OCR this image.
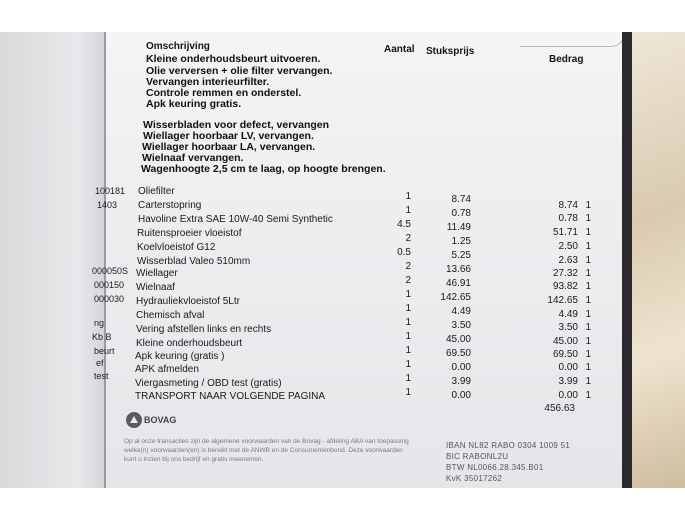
Omschrijving	Aantal Stuksprijs
Bedrag
Kleine onderhoudsbeurt uitvoeren.
Olie verversen + olie filter vervangen.
Vervangen interieurfilter.
Controle remmen en onderstel.
Apk keuring gratis.
Wisserbladen voor defect, vervangen
Wiellager hoorbaar LV, vervangen.
Wiellager hoorbaar LA, vervangen.
Wielnaaf vervangen.
Wagenhoogte 2,5 cm te laag, op hoogte brengen.
100181
1403
000050S
000150
000030
ng
Kb B
beurt
ef
test
Oliefilter
Carterstopring
Havoline Extra SAE 10W-40 Semi Synthetic
Ruitensproeier vloeistof
Koelvloeistof G12
Wisserblad Valeo 510mm
Wiellager
Wielnaaf
Hydrauliekvloeistof 5Ltr
Chemisch afval
Vering afstellen links en rechts
Kleine onderhoudsbeurt
Apk keuring (gratis )
APK afmelden
Viergasmeting / OBD test (gratis)
TRANSPORT NAAR VOLGENDE PAGINA
1
1
4.5
2
0.5
2
2
1
1
1
1
1
1
1
1
8.74
0.78
11.49
1.25
5.25
13.66
46.91
142.65
4.49
3.50
45.00
69.50
0.00
3.99
0.00
8.74
0.78
51.71
2.50
2.63
27.32
93.82
142.65
4.49
3.50
45.00
69.50
0.00
3.99
0.00
1
1
1
1
1
1
1
1
1
1
1
1
1
1
1
456.63
BOVAG
Op al onze transacties zijn de algemene voorwaarden van de Bovag - afdeling ABA van toepassing
welke(n) voorwaarden(en) is bereikt met de ANWB en de Consumentenbond. Deze voorwaarden
kunt u inzien bij ons bedrijf en gratis meenemen.
IBAN NL82 RABO 0304 1009 51
BIC RABONL2U
BTW NL0066.28.345.B01
KvK 35017262
